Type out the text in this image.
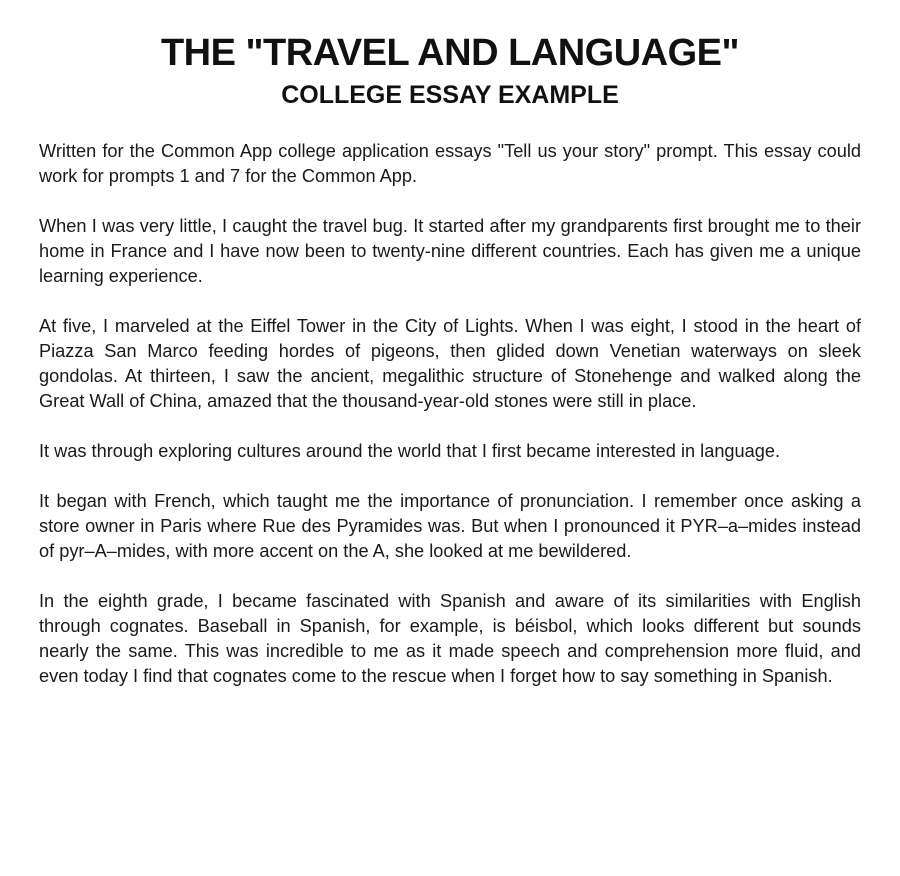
THE "TRAVEL AND LANGUAGE"
COLLEGE ESSAY EXAMPLE

Written for the Common App college application essays "Tell us your story" prompt. This essay could work for prompts 1 and 7 for the Common App.

When I was very little, I caught the travel bug. It started after my grandparents first brought me to their home in France and I have now been to twenty-nine different countries. Each has given me a unique learning experience.

At five, I marveled at the Eiffel Tower in the City of Lights. When I was eight, I stood in the heart of Piazza San Marco feeding hordes of pigeons, then glided down Venetian waterways on sleek gondolas. At thirteen, I saw the ancient, megalithic structure of Stonehenge and walked along the Great Wall of China, amazed that the thousand-year-old stones were still in place.

It was through exploring cultures around the world that I first became interested in language.

It began with French, which taught me the importance of pronunciation. I remember once asking a store owner in Paris where Rue des Pyramides was. But when I pronounced it PYR–a–mides instead of pyr–A–mides, with more accent on the A, she looked at me bewildered.

In the eighth grade, I became fascinated with Spanish and aware of its similarities with English through cognates. Baseball in Spanish, for example, is béisbol, which looks different but sounds nearly the same. This was incredible to me as it made speech and comprehension more fluid, and even today I find that cognates come to the rescue when I forget how to say something in Spanish.
